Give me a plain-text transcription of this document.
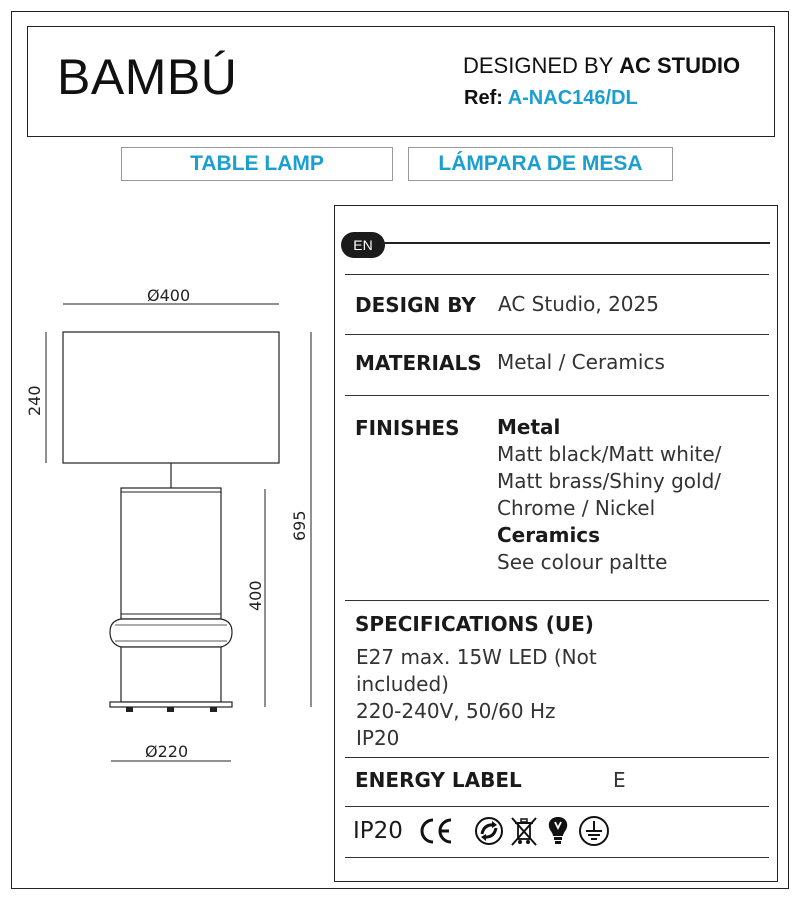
BAMBÚ	DESIGNED BY AC STUDIO
Ref: A-NAC146/DL
TABLE LAMP	LÁMPARA DE MESA
Ø400
240
695
400
Ø220
EN
DESIGN BY AC Studio, 2025
MATERIALS Metal / Ceramics
FINISHES Metal
Matt black/Matt white/
Matt brass/Shiny gold/
Chrome / Nickel
Ceramics
See colour paltte
SPECIFICATIONS (UE)
E27 max. 15W LED (Not
included)
220-240V, 50/60 Hz
IP20
ENERGY LABEL	E
IP20
